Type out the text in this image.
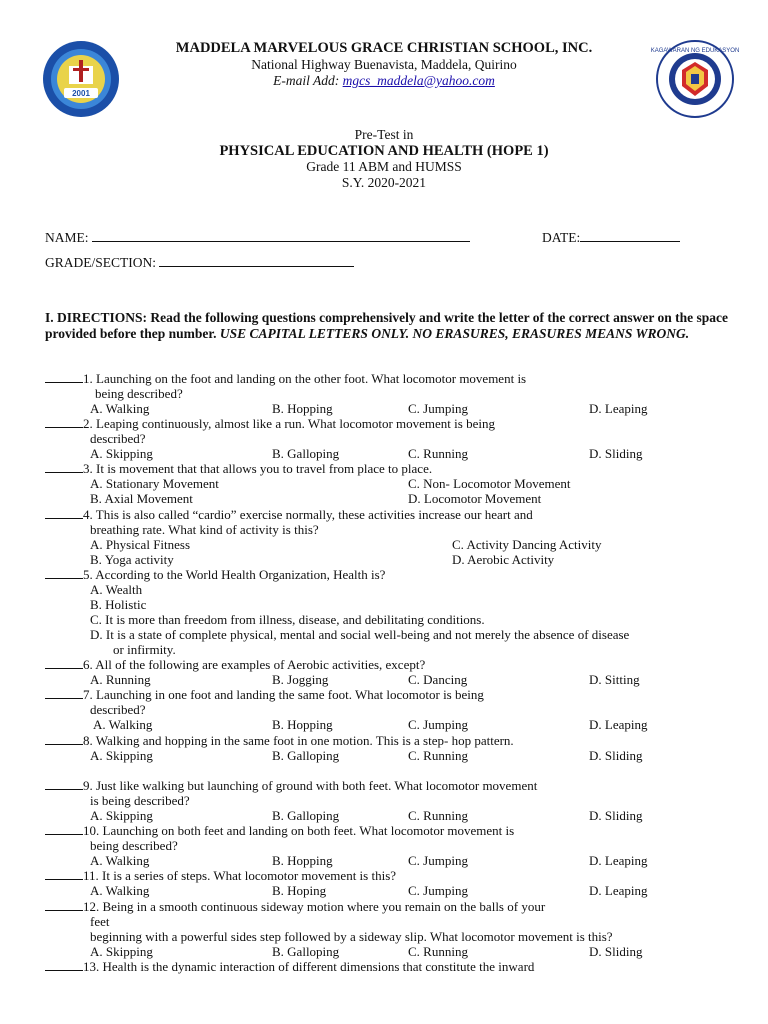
2001
KAGAWARAN NG EDUKASYON
MADDELA MARVELOUS GRACE CHRISTIAN SCHOOL, INC.
National Highway Buenavista, Maddela, Quirino
E-mail Add: mgcs_maddela@yahoo.com
Pre-Test in
PHYSICAL EDUCATION AND HEALTH (HOPE 1)
Grade 11 ABM and HUMSS
S.Y. 2020-2021
NAME:	DATE:
GRADE/SECTION:
I. DIRECTIONS: Read the following questions comprehensively and write the letter of the correct answer on the space provided before thep number. USE CAPITAL LETTERS ONLY. NO ERASURES, ERASURES MEANS WRONG.
1. Launching on the foot and landing on the other foot. What locomotor movement is
being described?
A. Walking	B. Hopping	C. Jumping	D. Leaping
2. Leaping continuously, almost like a run. What locomotor movement is being
described?
A. Skipping	B. Galloping	C. Running	D. Sliding
3. It is movement that that allows you to travel from place to place.
A. Stationary Movement	C. Non- Locomotor Movement
B. Axial Movement	D. Locomotor Movement
4. This is also called “cardio” exercise normally, these activities increase our heart and
breathing rate. What kind of activity is this?
A. Physical Fitness	C. Activity Dancing Activity
B. Yoga activity	D. Aerobic Activity
5. According to the World Health Organization, Health is?
A. Wealth
B. Holistic
C. It is more than freedom from illness, disease, and debilitating conditions.
D. It is a state of complete physical, mental and social well-being and not merely the absence of disease
or infirmity.
6. All of the following are examples of Aerobic activities, except?
A. Running	B. Jogging	C. Dancing	D. Sitting
7. Launching in one foot and landing the same foot. What locomotor is being
described?
A. Walking	B. Hopping	C. Jumping	D. Leaping
8. Walking and hopping in the same foot in one motion. This is a step- hop pattern.
A. Skipping	B. Galloping	C. Running	D. Sliding
9. Just like walking but launching of ground with both feet. What locomotor movement
is being described?
A. Skipping	B. Galloping	C. Running	D. Sliding
10. Launching on both feet and landing on both feet. What locomotor movement is
being described?
A. Walking	B. Hopping	C. Jumping	D. Leaping
11. It is a series of steps. What locomotor movement is this?
A. Walking	B. Hoping	C. Jumping	D. Leaping
12. Being in a smooth continuous sideway motion where you remain on the balls of your
feet
beginning with a powerful sides step followed by a sideway slip. What locomotor movement is this?
A. Skipping	B. Galloping	C. Running	D. Sliding
13. Health is the dynamic interaction of different dimensions that constitute the inward
